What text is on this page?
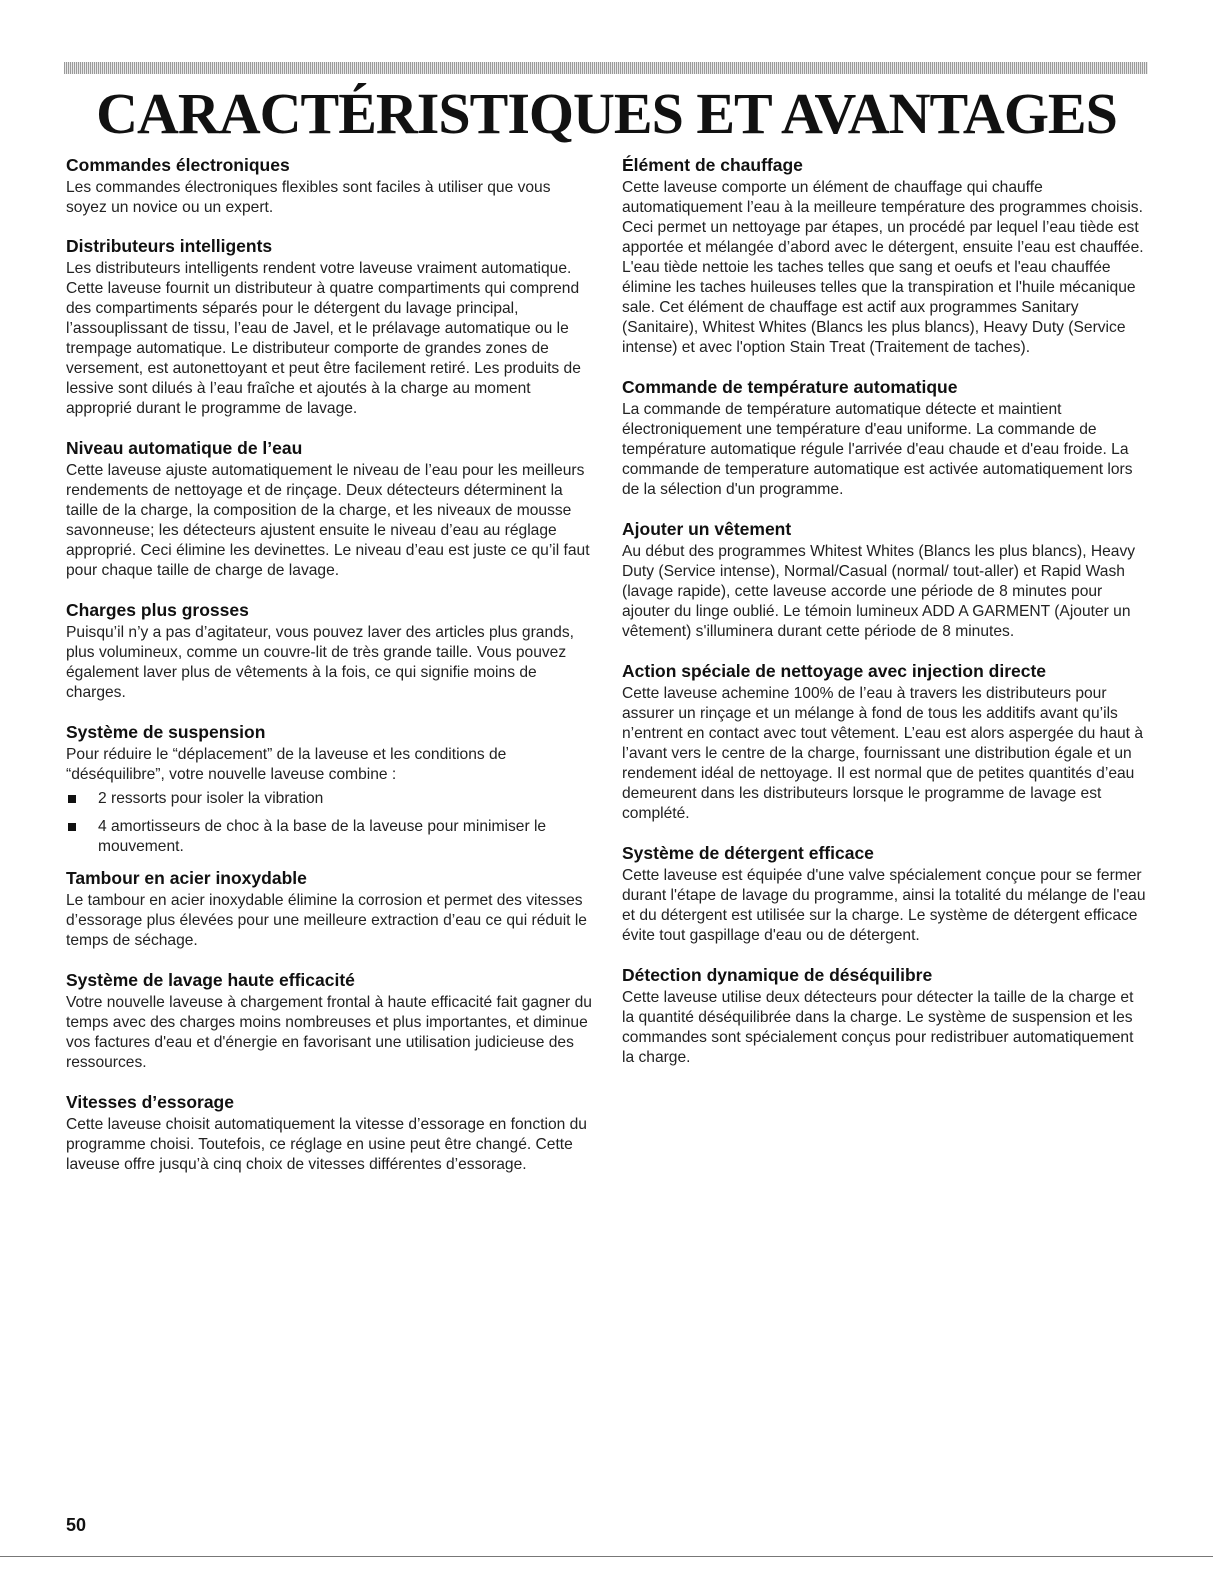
CARACTÉRISTIQUES ET AVANTAGES
Commandes électroniques

Les commandes électroniques flexibles sont faciles à utiliser que vous soyez un novice ou un expert.

Distributeurs intelligents

Les distributeurs intelligents rendent votre laveuse vraiment automatique. Cette laveuse fournit un distributeur à quatre compartiments qui comprend des compartiments séparés pour le détergent du lavage principal, l’assouplissant de tissu, l’eau de Javel, et le prélavage automatique ou le trempage automatique. Le distributeur comporte de grandes zones de versement, est autonettoyant et peut être facilement retiré. Les produits de lessive sont dilués à l’eau fraîche et ajoutés à la charge au moment approprié durant le programme de lavage.

Niveau automatique de l’eau

Cette laveuse ajuste automatiquement le niveau de l’eau pour les meilleurs rendements de nettoyage et de rinçage. Deux détecteurs déterminent la taille de la charge, la composition de la charge, et les niveaux de mousse savonneuse; les détecteurs ajustent ensuite le niveau d’eau au réglage approprié. Ceci élimine les devinettes. Le niveau d’eau est juste ce qu’il faut pour chaque taille de charge de lavage.

Charges plus grosses

Puisqu’il n’y a pas d’agitateur, vous pouvez laver des articles plus grands, plus volumineux, comme un couvre-lit de très grande taille. Vous pouvez également laver plus de vêtements à la fois, ce qui signifie moins de charges.

Système de suspension

Pour réduire le “déplacement” de la laveuse et les conditions de “déséquilibre”, votre nouvelle laveuse combine :

2 ressorts pour isoler la vibration
4 amortisseurs de choc à la base de la laveuse pour minimiser le mouvement.
Tambour en acier inoxydable

Le tambour en acier inoxydable élimine la corrosion et permet des vitesses d’essorage plus élevées pour une meilleure extraction d’eau ce qui réduit le temps de séchage.

Système de lavage haute efficacité

Votre nouvelle laveuse à chargement frontal à haute efficacité fait gagner du temps avec des charges moins nombreuses et plus importantes, et diminue vos factures d'eau et d'énergie en favorisant une utilisation judicieuse des ressources.

Vitesses d’essorage

Cette laveuse choisit automatiquement la vitesse d’essorage en fonction du programme choisi. Toutefois, ce réglage en usine peut être changé. Cette laveuse offre jusqu’à cinq choix de vitesses différentes d’essorage.

Élément de chauffage

Cette laveuse comporte un élément de chauffage qui chauffe automatiquement l’eau à la meilleure température des programmes choisis. Ceci permet un nettoyage par étapes, un procédé par lequel l’eau tiède est apportée et mélangée d’abord avec le détergent, ensuite l’eau est chauffée. L'eau tiède nettoie les taches telles que sang et oeufs et l'eau chauffée élimine les taches huileuses telles que la transpiration et l'huile mécanique sale. Cet élément de chauffage est actif aux programmes Sanitary (Sanitaire), Whitest Whites (Blancs les plus blancs), Heavy Duty (Service intense) et avec l'option Stain Treat (Traitement de taches).

Commande de température automatique

La commande de température automatique détecte et maintient électroniquement une température d'eau uniforme. La commande de température automatique régule l'arrivée d'eau chaude et d'eau froide. La commande de temperature automatique est activée automatiquement lors de la sélection d'un programme.

Ajouter un vêtement

Au début des programmes Whitest Whites (Blancs les plus blancs), Heavy Duty (Service intense), Normal/Casual (normal/ tout-aller) et Rapid Wash (lavage rapide), cette laveuse accorde une période de 8 minutes pour ajouter du linge oublié. Le témoin lumineux ADD A GARMENT (Ajouter un vêtement) s'illuminera durant cette période de 8 minutes.

Action spéciale de nettoyage avec injection directe

Cette laveuse achemine 100% de l’eau à travers les distributeurs pour assurer un rinçage et un mélange à fond de tous les additifs avant qu’ils n’entrent en contact avec tout vêtement. L’eau est alors aspergée du haut à l’avant vers le centre de la charge, fournissant une distribution égale et un rendement idéal de nettoyage. Il est normal que de petites quantités d’eau demeurent dans les distributeurs lorsque le programme de lavage est complété.

Système de détergent efficace

Cette laveuse est équipée d'une valve spécialement conçue pour se fermer durant l'étape de lavage du programme, ainsi la totalité du mélange de l'eau et du détergent est utilisée sur la charge. Le système de détergent efficace évite tout gaspillage d'eau ou de détergent.

Détection dynamique de déséquilibre

Cette laveuse utilise deux détecteurs pour détecter la taille de la charge et la quantité déséquilibrée dans la charge. Le système de suspension et les commandes sont spécialement conçus pour redistribuer automatiquement la charge.

50
